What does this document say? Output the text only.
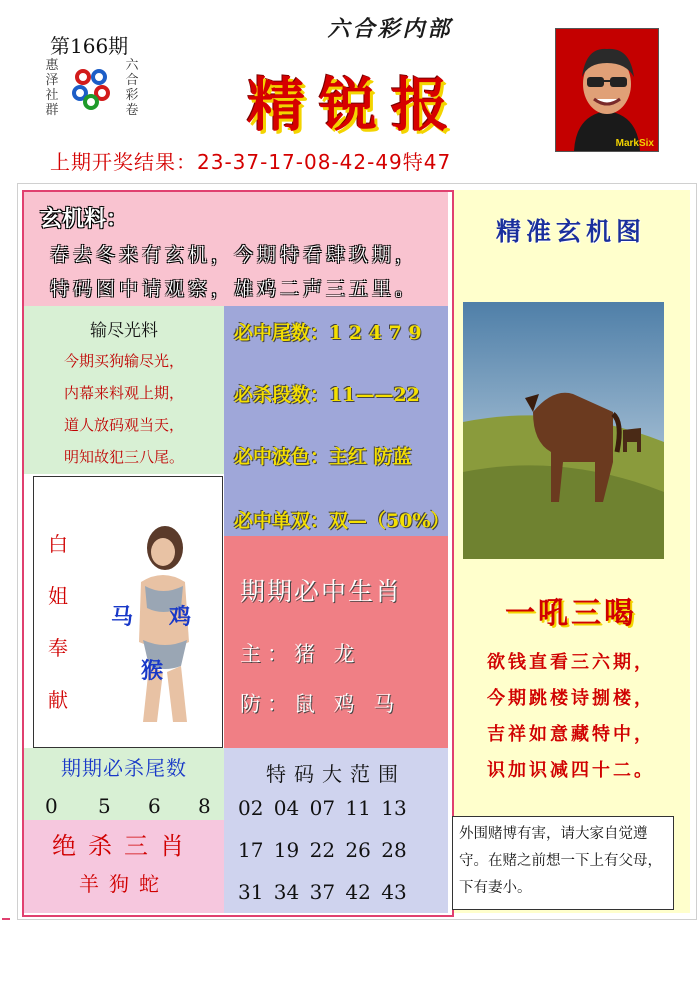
第166期
惠泽社群
六合彩卷
六合彩内部
精锐报
MarkSix
上期开奖结果：23-37-17-08-42-49特47
玄机料：
春去冬来有玄机，今期特看肆玖期，
特码图中请观察，雄鸡二声三五里。
输尽光料
今期买狗输尽光，
内幕来料观上期，
道人放码观当天，
明知故犯三八尾。
必中尾数：1 2 4 7 9
必杀段数：11——22
必中波色：主红 防蓝
必中单双：双—（50%）
白
姐
奉
献
马 鸡
猴
期期必中生肖
主：猪 龙
防：鼠 鸡 马
期期必杀尾数
0 5 6 8
绝杀三肖
羊狗蛇
特码大范围
02 04 07 11 13
17 19 22 26 28
31 34 37 42 43
精准玄机图
一吼三喝
欲钱直看三六期，
今期跳楼诗捌楼，
吉祥如意藏特中，
识加识减四十二。
外围赌博有害，请大家自觉遵守。在赌之前想一下上有父母，下有妻小。
